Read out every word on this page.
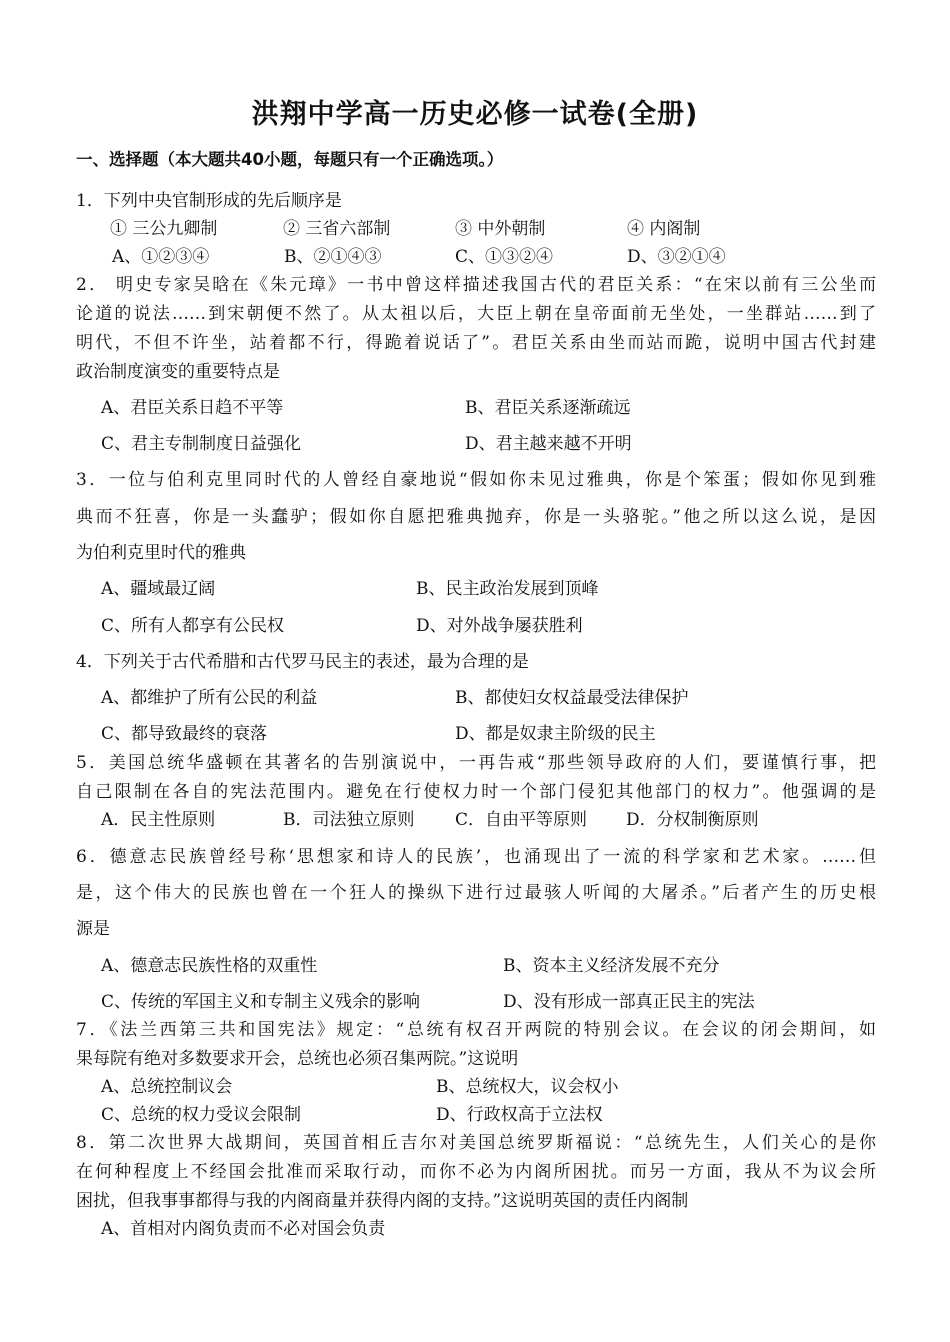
洪翔中学高一历史必修一试卷(全册)
一、选择题（本大题共40小题，每题只有一个正确选项。）
1．下列中央官制形成的先后顺序是
① 三公九卿制	② 三省六部制	③ 中外朝制	④ 内阁制
A、①②③④	B、②①④③	C、①③②④	D、③②①④
2． 明史专家吴晗在《朱元璋》一书中曾这样描述我国古代的君臣关系：“在宋以前有三公坐而
论道的说法……到宋朝便不然了。从太祖以后，大臣上朝在皇帝面前无坐处，一坐群站……到了
明代，不但不许坐，站着都不行，得跪着说话了”。君臣关系由坐而站而跪，说明中国古代封建
政治制度演变的重要特点是
A、君臣关系日趋不平等	B、君臣关系逐渐疏远
C、君主专制制度日益强化	D、君主越来越不开明
3．一位与伯利克里同时代的人曾经自豪地说“假如你未见过雅典，你是个笨蛋；假如你见到雅
典而不狂喜，你是一头蠢驴；假如你自愿把雅典抛弃，你是一头骆驼。”他之所以这么说，是因
为伯利克里时代的雅典
A、疆域最辽阔	B、民主政治发展到顶峰
C、所有人都享有公民权	D、对外战争屡获胜利
4．下列关于古代希腊和古代罗马民主的表述，最为合理的是
A、都维护了所有公民的利益	B、都使妇女权益最受法律保护
C、都导致最终的衰落	D、都是奴隶主阶级的民主
5．美国总统华盛顿在其著名的告别演说中，一再告戒“那些领导政府的人们，要谨慎行事，把
自己限制在各自的宪法范围内。避免在行使权力时一个部门侵犯其他部门的权力”。他强调的是
A．民主性原则	B．司法独立原则 C．自由平等原则 D．分权制衡原则
6．德意志民族曾经号称‘思想家和诗人的民族’，也涌现出了一流的科学家和艺术家。……但
是，这个伟大的民族也曾在一个狂人的操纵下进行过最骇人听闻的大屠杀。”后者产生的历史根
源是
A、德意志民族性格的双重性	B、资本主义经济发展不充分
C、传统的军国主义和专制主义残余的影响	D、没有形成一部真正民主的宪法
7．《法兰西第三共和国宪法》规定：“总统有权召开两院的特别会议。在会议的闭会期间，如
果每院有绝对多数要求开会，总统也必须召集两院。”这说明
A、总统控制议会	B、总统权大，议会权小
C、总统的权力受议会限制	D、行政权高于立法权
8．第二次世界大战期间，英国首相丘吉尔对美国总统罗斯福说：“总统先生，人们关心的是你
在何种程度上不经国会批准而采取行动，而你不必为内阁所困扰。而另一方面，我从不为议会所
困扰，但我事事都得与我的内阁商量并获得内阁的支持。”这说明英国的责任内阁制
A、首相对内阁负责而不必对国会负责
